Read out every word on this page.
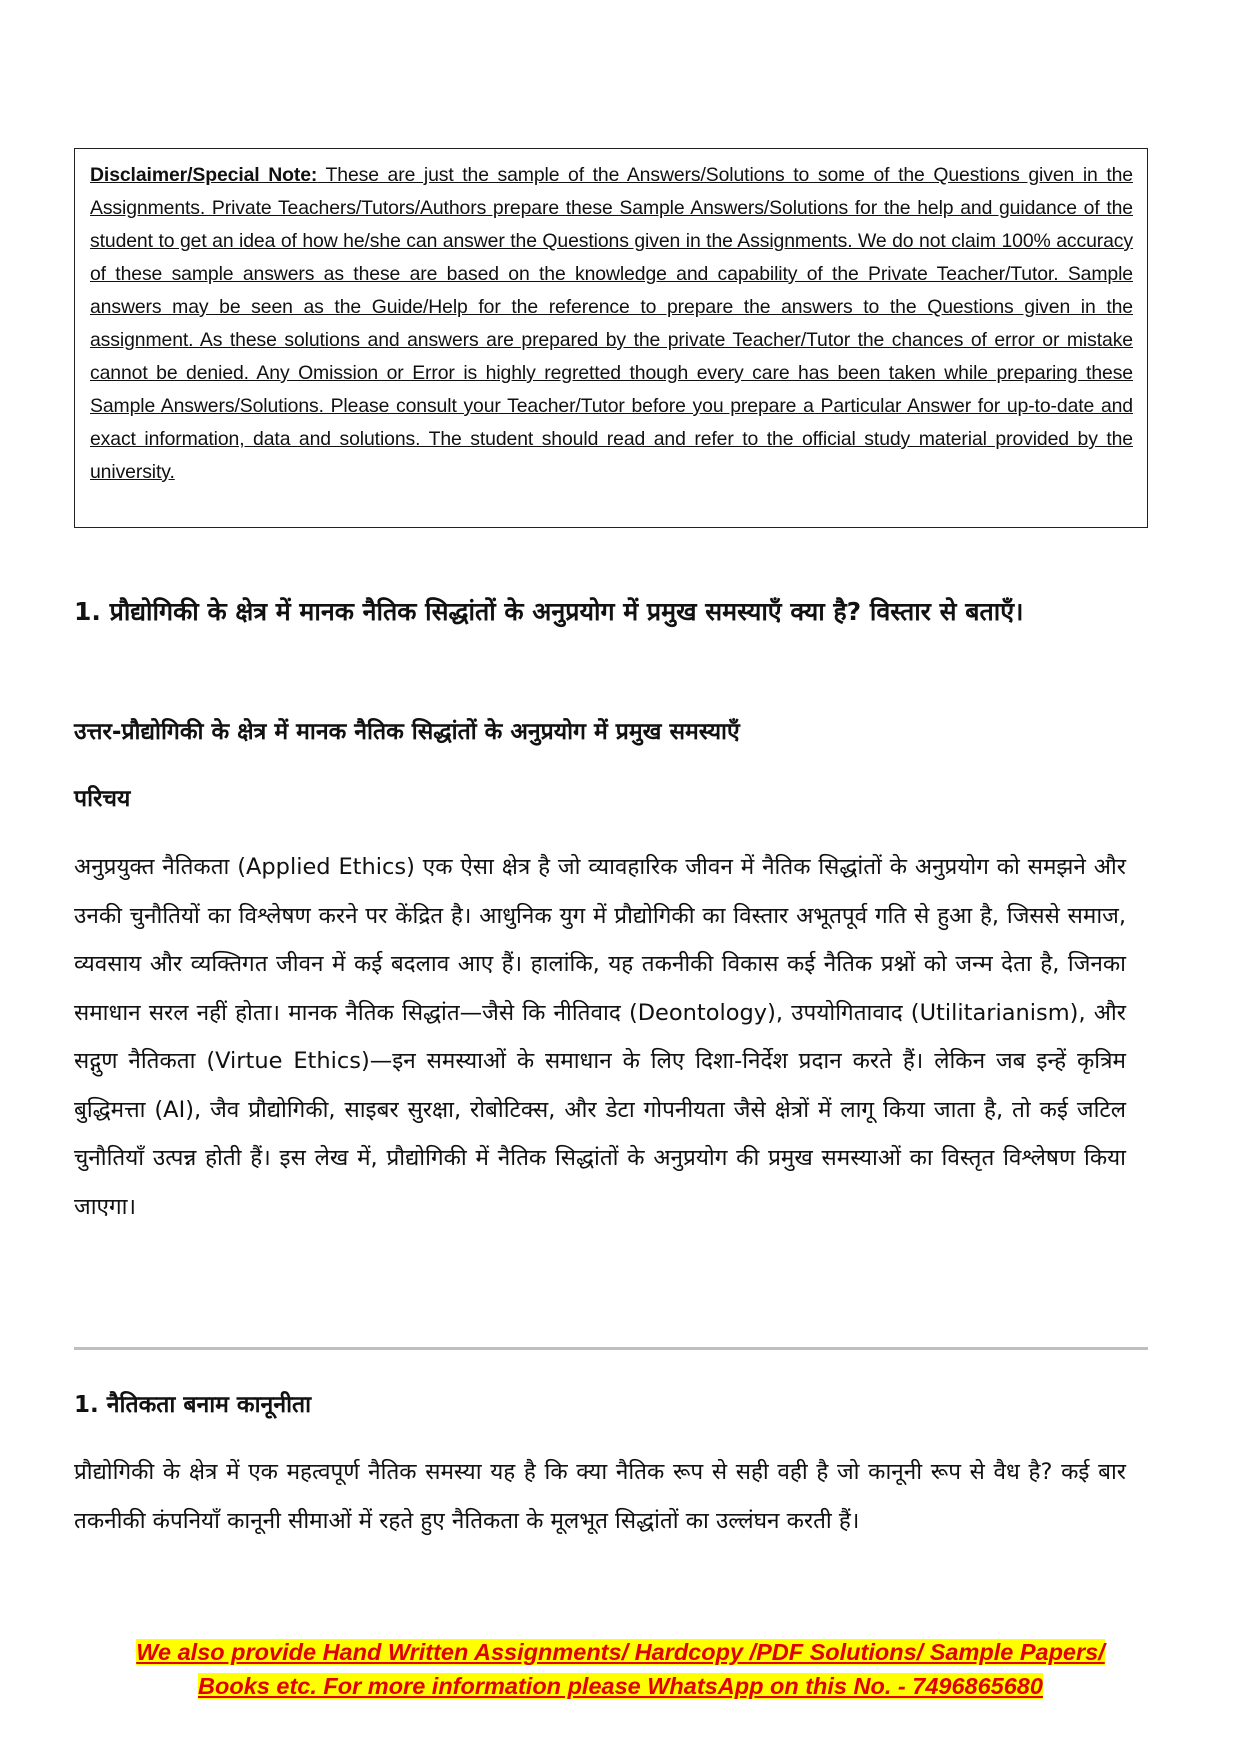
Disclaimer/Special Note: These are just the sample of the Answers/Solutions to some of the Questions given in the Assignments. Private Teachers/Tutors/Authors prepare these Sample Answers/Solutions for the help and guidance of the student to get an idea of how he/she can answer the Questions given in the Assignments. We do not claim 100% accuracy of these sample answers as these are based on the knowledge and capability of the Private Teacher/Tutor. Sample answers may be seen as the Guide/Help for the reference to prepare the answers to the Questions given in the assignment. As these solutions and answers are prepared by the private Teacher/Tutor the chances of error or mistake cannot be denied. Any Omission or Error is highly regretted though every care has been taken while preparing these Sample Answers/Solutions. Please consult your Teacher/Tutor before you prepare a Particular Answer for up-to-date and exact information, data and solutions. The student should read and refer to the official study material provided by the university.
1. प्रौद्योगिकी के क्षेत्र में मानक नैतिक सिद्धांतों के अनुप्रयोग में प्रमुख समस्याएँ क्या है? विस्तार से बताएँ।
उत्तर-प्रौद्योगिकी के क्षेत्र में मानक नैतिक सिद्धांतों के अनुप्रयोग में प्रमुख समस्याएँ
परिचय
अनुप्रयुक्त नैतिकता (Applied Ethics) एक ऐसा क्षेत्र है जो व्यावहारिक जीवन में नैतिक सिद्धांतों के अनुप्रयोग को समझने और उनकी चुनौतियों का विश्लेषण करने पर केंद्रित है। आधुनिक युग में प्रौद्योगिकी का विस्तार अभूतपूर्व गति से हुआ है, जिससे समाज, व्यवसाय और व्यक्तिगत जीवन में कई बदलाव आए हैं। हालांकि, यह तकनीकी विकास कई नैतिक प्रश्नों को जन्म देता है, जिनका समाधान सरल नहीं होता। मानक नैतिक सिद्धांत—जैसे कि नीतिवाद (Deontology), उपयोगितावाद (Utilitarianism), और सद्गुण नैतिकता (Virtue Ethics)—इन समस्याओं के समाधान के लिए दिशा-निर्देश प्रदान करते हैं। लेकिन जब इन्हें कृत्रिम बुद्धिमत्ता (AI), जैव प्रौद्योगिकी, साइबर सुरक्षा, रोबोटिक्स, और डेटा गोपनीयता जैसे क्षेत्रों में लागू किया जाता है, तो कई जटिल चुनौतियाँ उत्पन्न होती हैं। इस लेख में, प्रौद्योगिकी में नैतिक सिद्धांतों के अनुप्रयोग की प्रमुख समस्याओं का विस्तृत विश्लेषण किया जाएगा।
1. नैतिकता बनाम कानूनीता
प्रौद्योगिकी के क्षेत्र में एक महत्वपूर्ण नैतिक समस्या यह है कि क्या नैतिक रूप से सही वही है जो कानूनी रूप से वैध है? कई बार तकनीकी कंपनियाँ कानूनी सीमाओं में रहते हुए नैतिकता के मूलभूत सिद्धांतों का उल्लंघन करती हैं।
We also provide Hand Written Assignments/ Hardcopy /PDF Solutions/ Sample Papers/
Books etc. For more information please WhatsApp on this No. - 7496865680
